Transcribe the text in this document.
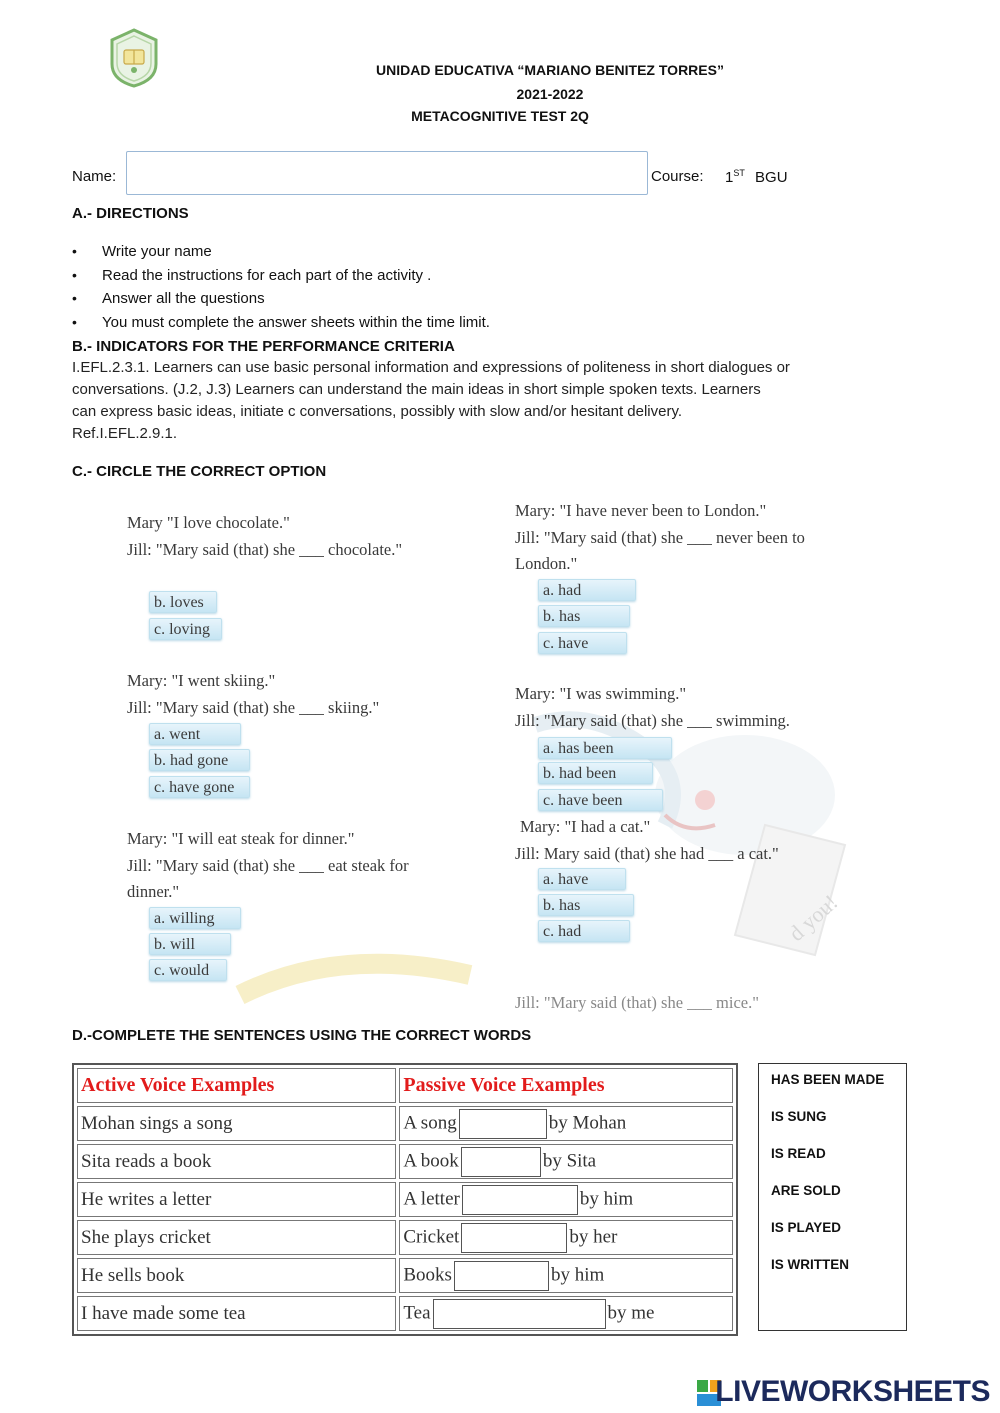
UNIDAD EDUCATIVA “MARIANO BENITEZ TORRES”
2021-2022
METACOGNITIVE TEST 2Q
Name:	Course: 1ST BGU
A.- DIRECTIONS
• Write your name
• Read the instructions for each part of the activity .
• Answer all the questions
• You must complete the answer sheets within the time limit.
B.- INDICATORS FOR THE PERFORMANCE CRITERIA
I.EFL.2.3.1. Learners can use basic personal information and expressions of politeness in short dialogues or
conversations. (J.2, J.3) Learners can understand the main ideas in short simple spoken texts. Learners
can express basic ideas, initiate c conversations, possibly with slow and/or hesitant delivery.
Ref.I.EFL.2.9.1.
C.- CIRCLE THE CORRECT OPTION
d you!
Mary "I love chocolate."
Jill: "Mary said (that) she ___ chocolate."
b. loves
c. loving
Mary: "I went skiing."
Jill: "Mary said (that) she ___ skiing."
a. went
b. had gone
c. have gone
Mary: "I will eat steak for dinner."
Jill: "Mary said (that) she ___ eat steak for
dinner."
a. willing
b. will
c. would
Mary: "I have never been to London."
Jill: "Mary said (that) she ___ never been to
London."
a. had
b. has
c. have
Mary: "I was swimming."
Jill: "Mary said (that) she ___ swimming.
a. has been
b. had been
c. have been
Mary: "I had a cat."
Jill: Mary said (that) she had ___ a cat."
a. have
b. has
c. had
Jill: "Mary said (that) she ___ mice."
D.-COMPLETE THE SENTENCES USING THE CORRECT WORDS
Active Voice Examples	Passive Voice Examples
Mohan sings a song	A song by Mohan
Sita reads a book	A book by Sita
He writes a letter	A letter by him
She plays cricket	Cricket by her
He sells book	Books by him
I have made some tea	Tea by me
HAS BEEN MADE
IS SUNG
IS READ
ARE SOLD
IS PLAYED
IS WRITTEN
LIVEWORKSHEETS
